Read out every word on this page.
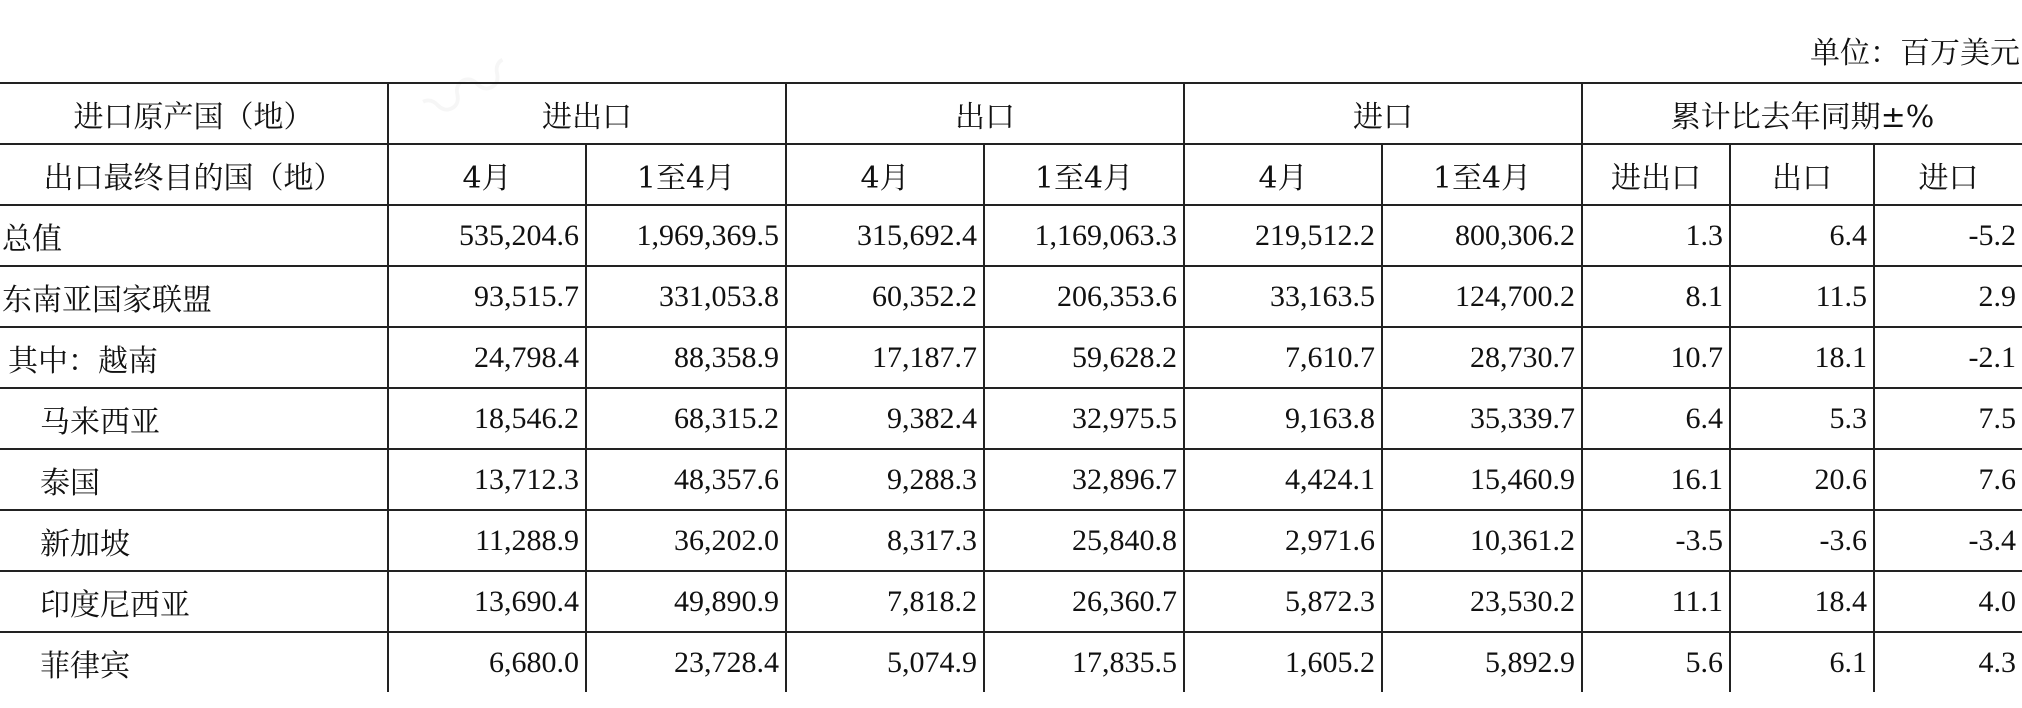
单位：百万美元
进口原产国（地）	进出口		出口		进口		累计比去年同期±%		
出口最终目的国（地）	4月	1至4月	4月	1至4月	4月	1至4月	进出口	出口	进口
总值	535,204.6	1,969,369.5	315,692.4	1,169,063.3	219,512.2	800,306.2	1.3	6.4	-5.2
东南亚国家联盟	93,515.7	331,053.8	60,352.2	206,353.6	33,163.5	124,700.2	8.1	11.5	2.9
其中：越南	24,798.4	88,358.9	17,187.7	59,628.2	7,610.7	28,730.7	10.7	18.1	-2.1
马来西亚	18,546.2	68,315.2	9,382.4	32,975.5	9,163.8	35,339.7	6.4	5.3	7.5
泰国	13,712.3	48,357.6	9,288.3	32,896.7	4,424.1	15,460.9	16.1	20.6	7.6
新加坡	11,288.9	36,202.0	8,317.3	25,840.8	2,971.6	10,361.2	-3.5	-3.6	-3.4
印度尼西亚	13,690.4	49,890.9	7,818.2	26,360.7	5,872.3	23,530.2	11.1	18.4	4.0
菲律宾	6,680.0	23,728.4	5,074.9	17,835.5	1,605.2	5,892.9	5.6	6.1	4.3
